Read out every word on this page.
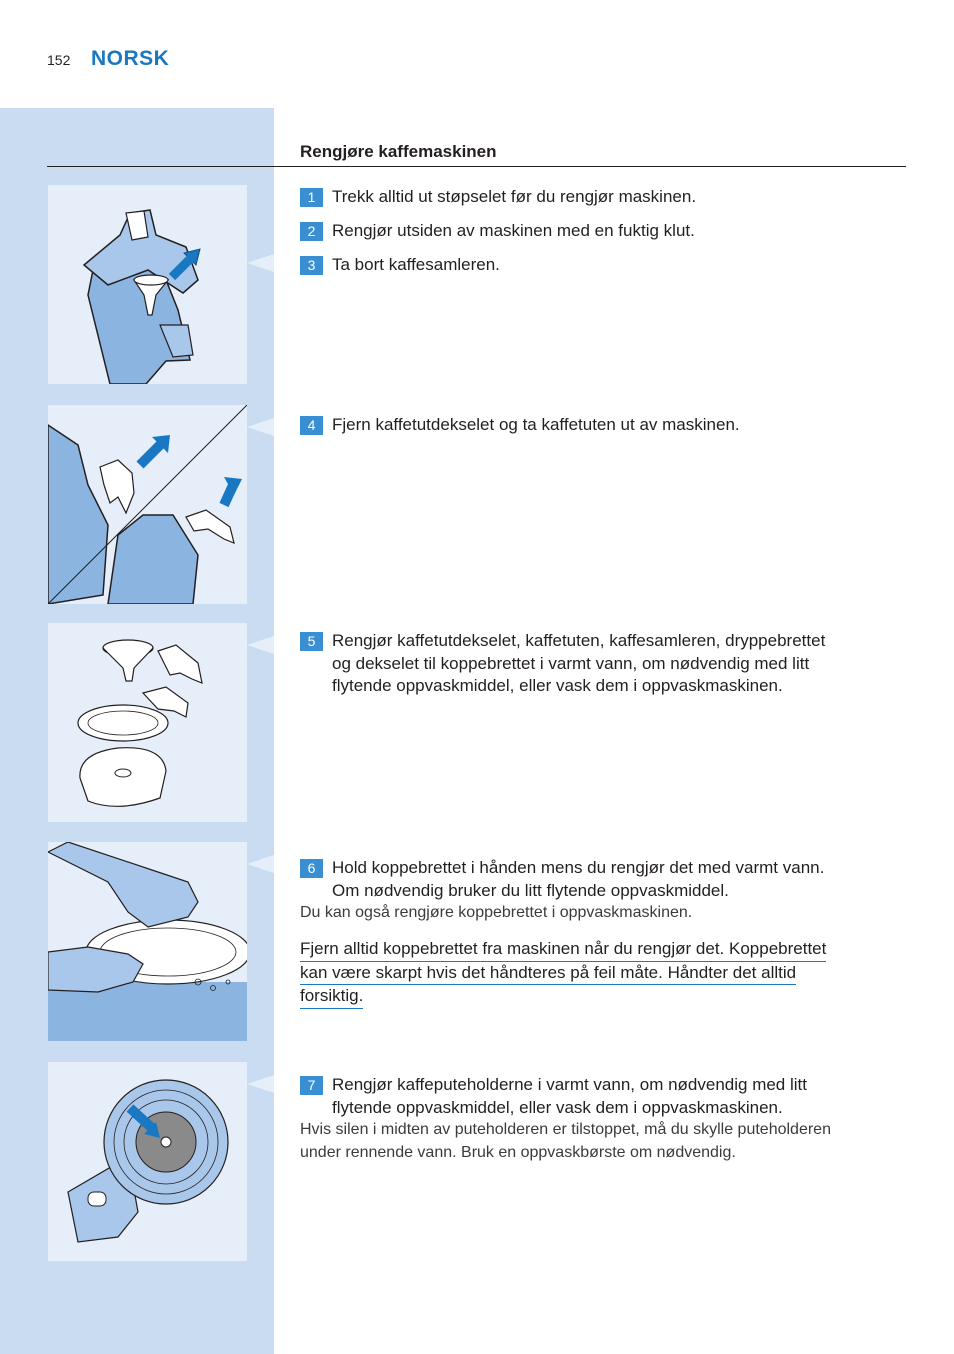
152 NORSK
Rengjøre kaffemaskinen
1 Trekk alltid ut støpselet før du rengjør maskinen.
2 Rengjør utsiden av maskinen med en fuktig klut.
3 Ta bort kaffesamleren.
4 Fjern kaffetutdekselet og ta kaffetuten ut av maskinen.
5 Rengjør kaffetutdekselet, kaffetuten, kaffesamleren, dryppebrettet
og dekselet til koppebrettet i varmt vann, om nødvendig med litt
flytende oppvaskmiddel, eller vask dem i oppvaskmaskinen.
6 Hold koppebrettet i hånden mens du rengjør det med varmt vann.
Om nødvendig bruker du litt flytende oppvaskmiddel.
Du kan også rengjøre koppebrettet i oppvaskmaskinen.
Fjern alltid koppebrettet fra maskinen når du rengjør det. Koppebrettet
kan være skarpt hvis det håndteres på feil måte. Håndter det alltid
forsiktig.
7 Rengjør kaffeputeholderne i varmt vann, om nødvendig med litt
flytende oppvaskmiddel, eller vask dem i oppvaskmaskinen.
Hvis silen i midten av puteholderen er tilstoppet, må du skylle puteholderen
under rennende vann. Bruk en oppvaskbørste om nødvendig.
